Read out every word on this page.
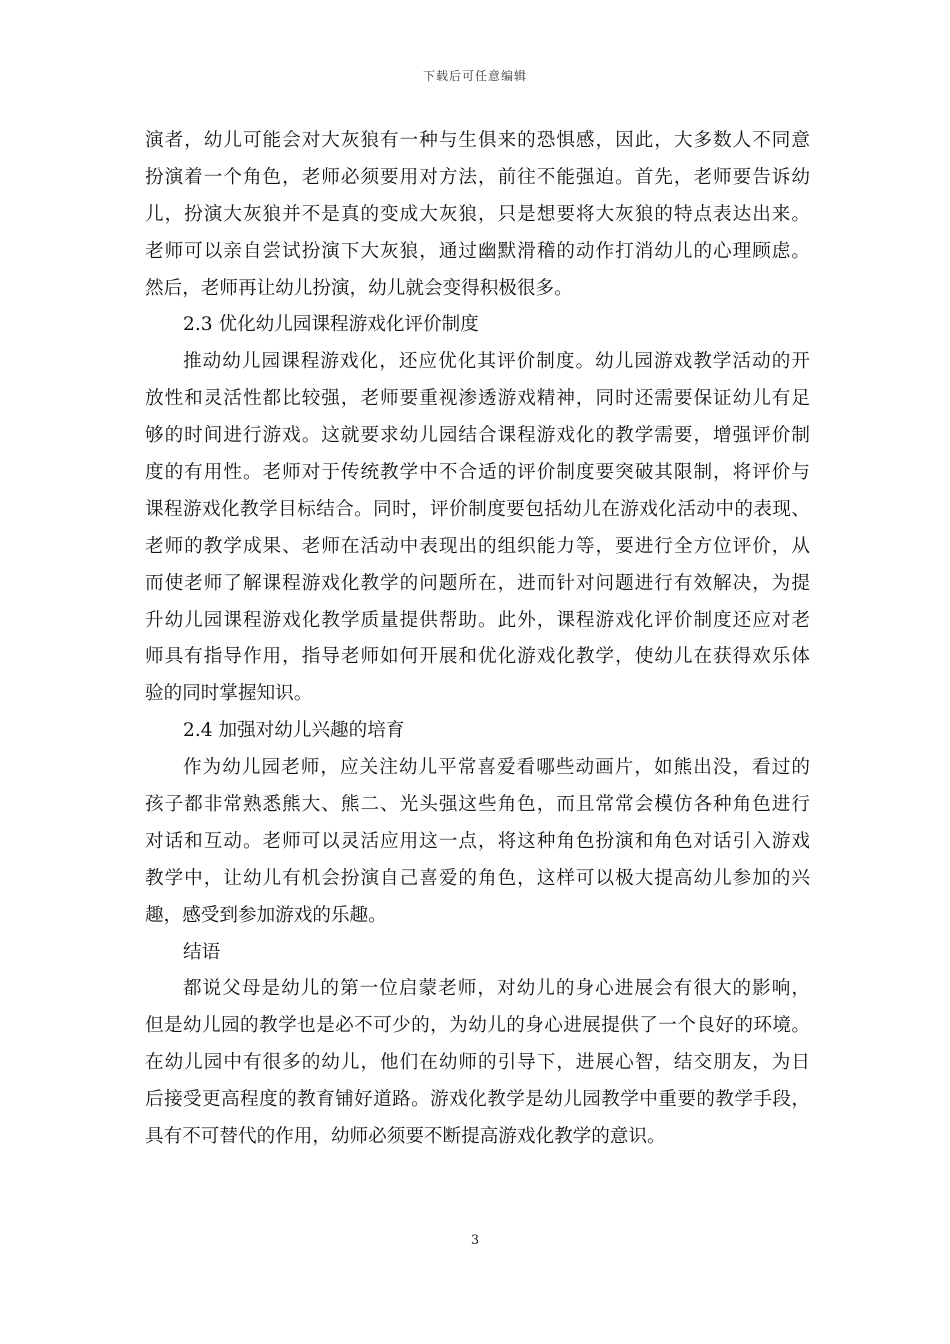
下载后可任意编辑
演者，幼儿可能会对大灰狼有一种与生俱来的恐惧感，因此，大多数人不同意
扮演着一个角色，老师必须要用对方法，前往不能强迫。首先，老师要告诉幼
儿，扮演大灰狼并不是真的变成大灰狼，只是想要将大灰狼的特点表达出来。
老师可以亲自尝试扮演下大灰狼，通过幽默滑稽的动作打消幼儿的心理顾虑。
然后，老师再让幼儿扮演，幼儿就会变得积极很多。
2.3 优化幼儿园课程游戏化评价制度
推动幼儿园课程游戏化，还应优化其评价制度。幼儿园游戏教学活动的开
放性和灵活性都比较强，老师要重视渗透游戏精神，同时还需要保证幼儿有足
够的时间进行游戏。这就要求幼儿园结合课程游戏化的教学需要，增强评价制
度的有用性。老师对于传统教学中不合适的评价制度要突破其限制，将评价与
课程游戏化教学目标结合。同时，评价制度要包括幼儿在游戏化活动中的表现、
老师的教学成果、老师在活动中表现出的组织能力等，要进行全方位评价，从
而使老师了解课程游戏化教学的问题所在，进而针对问题进行有效解决，为提
升幼儿园课程游戏化教学质量提供帮助。此外，课程游戏化评价制度还应对老
师具有指导作用，指导老师如何开展和优化游戏化教学，使幼儿在获得欢乐体
验的同时掌握知识。
2.4 加强对幼儿兴趣的培育
作为幼儿园老师，应关注幼儿平常喜爱看哪些动画片，如熊出没，看过的
孩子都非常熟悉熊大、熊二、光头强这些角色，而且常常会模仿各种角色进行
对话和互动。老师可以灵活应用这一点，将这种角色扮演和角色对话引入游戏
教学中，让幼儿有机会扮演自己喜爱的角色，这样可以极大提高幼儿参加的兴
趣，感受到参加游戏的乐趣。
结语
都说父母是幼儿的第一位启蒙老师，对幼儿的身心进展会有很大的影响，
但是幼儿园的教学也是必不可少的，为幼儿的身心进展提供了一个良好的环境。
在幼儿园中有很多的幼儿，他们在幼师的引导下，进展心智，结交朋友，为日
后接受更高程度的教育铺好道路。游戏化教学是幼儿园教学中重要的教学手段，
具有不可替代的作用，幼师必须要不断提高游戏化教学的意识。
3
